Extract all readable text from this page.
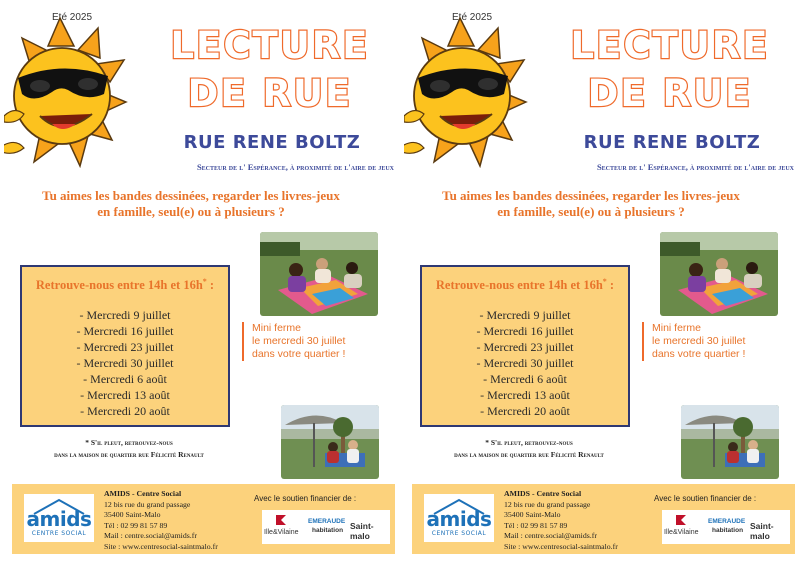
Eté 2025
LECTURE
DE RUE
RUE RENE BOLTZ
Secteur de l' Espérance, à proximité de l'aire de jeux
Tu aimes les bandes dessinées, regarder les livres-jeux
en famille, seul(e) ou à plusieurs ?
Retrouve-nous entre 14h et 16h* :
- Mercredi 9 juillet
- Mercredi 16 juillet
- Mercredi 23 juillet
- Mercredi 30 juillet
- Mercredi 6 août
- Mercredi 13 août
- Mercredi 20 août
Mini ferme
le mercredi 30 juillet
dans votre quartier !
* S'il pleut, retrouvez-nous
dans la maison de quartier rue Félicité Renault
amids
CENTRE SOCIAL
AMIDS - Centre Social
12 bis rue du grand passage
35400 Saint-Malo
Tél : 02 99 81 57 89
Mail : centre.social@amids.fr
Site : www.centresocial-saintmalo.fr
Avec le soutien financier de :
Ille&Vilaine
EMERAUDE
habitation Saint-malo
Eté 2025
LECTURE
DE RUE
RUE RENE BOLTZ
Secteur de l' Espérance, à proximité de l'aire de jeux
Tu aimes les bandes dessinées, regarder les livres-jeux
en famille, seul(e) ou à plusieurs ?
Retrouve-nous entre 14h et 16h* :
- Mercredi 9 juillet
- Mercredi 16 juillet
- Mercredi 23 juillet
- Mercredi 30 juillet
- Mercredi 6 août
- Mercredi 13 août
- Mercredi 20 août
Mini ferme
le mercredi 30 juillet
dans votre quartier !
* S'il pleut, retrouvez-nous
dans la maison de quartier rue Félicité Renault
amids
CENTRE SOCIAL
AMIDS - Centre Social
12 bis rue du grand passage
35400 Saint-Malo
Tél : 02 99 81 57 89
Mail : centre.social@amids.fr
Site : www.centresocial-saintmalo.fr
Avec le soutien financier de :
Ille&Vilaine
EMERAUDE
habitation Saint-malo
